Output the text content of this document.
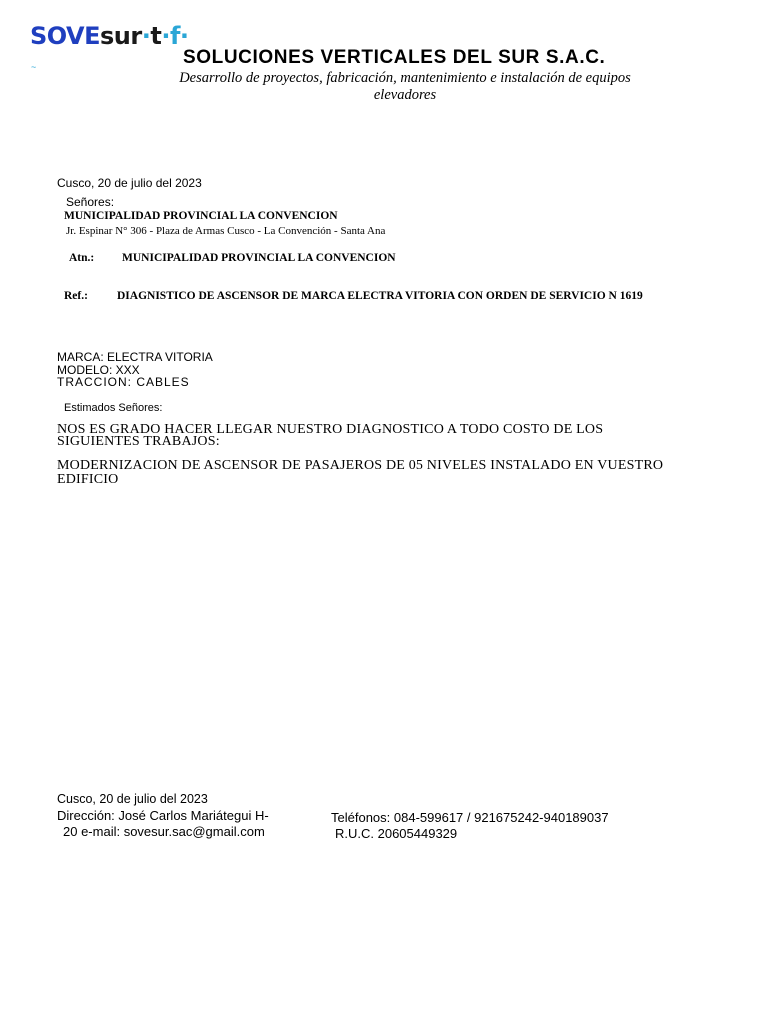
SOVEsur·t·f·
~	SOLUCIONES VERTICALES DEL SUR S.A.C.
Desarrollo de proyectos, fabricación, mantenimiento e instalación de equipos elevadores
Cusco, 20 de julio del 2023
Señores:
MUNICIPALIDAD PROVINCIAL LA CONVENCION
Jr. Espinar N° 306 - Plaza de Armas Cusco - La Convención - Santa Ana
Atn.: MUNICIPALIDAD PROVINCIAL LA CONVENCION
Ref.:	DIAGNISTICO DE ASCENSOR DE MARCA ELECTRA VITORIA CON ORDEN DE SERVICIO N 1619
MARCA: ELECTRA VITORIA
MODELO: XXX
TRACCION: CABLES
Estimados Señores:
NOS ES GRADO HACER LLEGAR NUESTRO DIAGNOSTICO A TODO COSTO DE LOS
SIGUIENTES TRABAJOS:
MODERNIZACION DE ASCENSOR DE PASAJEROS DE 05 NIVELES INSTALADO EN VUESTRO
EDIFICIO
Cusco, 20 de julio del 2023
Dirección: José Carlos Mariátegui H-
20 e-mail: sovesur.sac@gmail.com
Teléfonos: 084-599617 / 921675242-940189037
R.U.C. 20605449329
